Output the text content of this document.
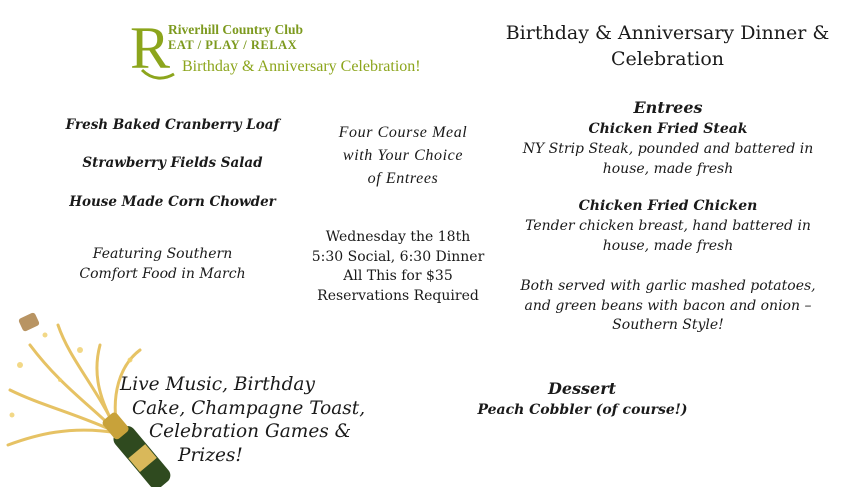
R
Riverhill Country Club
EAT / PLAY / RELAX
Birthday & Anniversary Celebration!
Birthday & Anniversary Dinner &
Celebration
Fresh Baked Cranberry Loaf
Strawberry Fields Salad
House Made Corn Chowder
Featuring Southern
Comfort Food in March
Four Course Meal
with Your Choice
of Entrees
Wednesday the 18th
5:30 Social, 6:30 Dinner
All This for $35
Reservations Required
Entrees
Chicken Fried Steak
NY Strip Steak, pounded and battered in
house, made fresh
Chicken Fried Chicken
Tender chicken breast, hand battered in
house, made fresh
Both served with garlic mashed potatoes,
and green beans with bacon and onion –
Southern Style!
Dessert
Peach Cobbler (of course!)
Live Music, Birthday
Cake, Champagne Toast,
Celebration Games &
Prizes!
